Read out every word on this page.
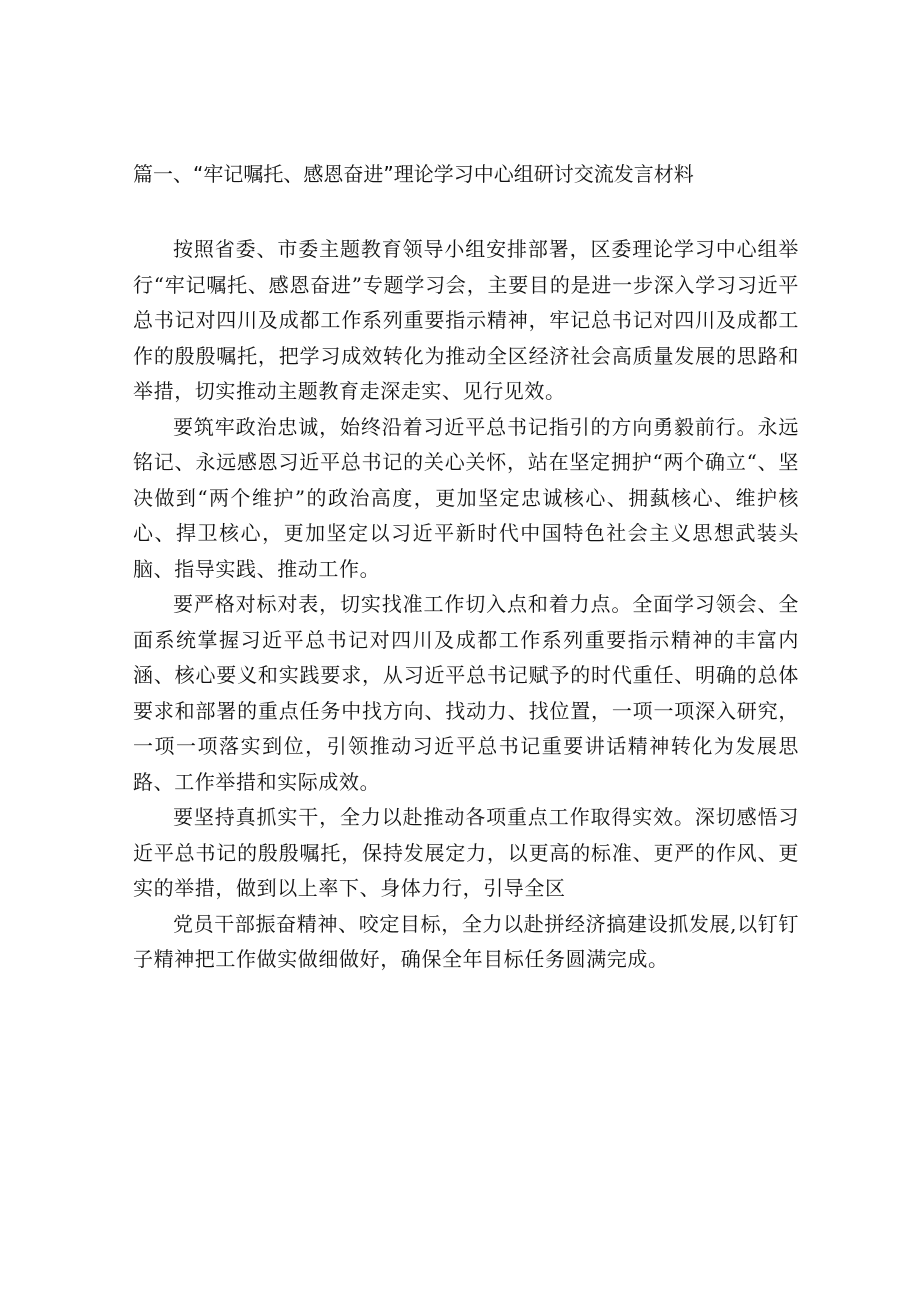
篇一、“牢记嘱托、感恩奋进”理论学习中心组研讨交流发言材料

按照省委、市委主题教育领导小组安排部署，区委理论学习中心组举行“牢记嘱托、感恩奋进”专题学习会，主要目的是进一步深入学习习近平总书记对四川及成都工作系列重要指示精神，牢记总书记对四川及成都工作的殷殷嘱托，把学习成效转化为推动全区经济社会高质量发展的思路和举措，切实推动主题教育走深走实、见行见效。

要筑牢政治忠诚，始终沿着习近平总书记指引的方向勇毅前行。永远铭记、永远感恩习近平总书记的关心关怀，站在坚定拥护“两个确立“、坚决做到“两个维护”的政治高度，更加坚定忠诚核心、拥蓺核心、维护核心、捍卫核心，更加坚定以习近平新时代中国特色社会主义思想武装头脑、指导实践、推动工作。

要严格对标对表，切实找准工作切入点和着力点。全面学习领会、全面系统掌握习近平总书记对四川及成都工作系列重要指示精神的丰富内涵、核心要义和实践要求，从习近平总书记赋予的时代重任、明确的总体要求和部署的重点任务中找方向、找动力、找位置，一项一项深入研究，一项一项落实到位，引领推动习近平总书记重要讲话精神转化为发展思路、工作举措和实际成效。

要坚持真抓实干，全力以赴推动各项重点工作取得实效。深切感悟习近平总书记的殷殷嘱托，保持发展定力，以更高的标准、更严的作风、更实的举措，做到以上率下、身体力行，引导全区

党员干部振奋精神、咬定目标，全力以赴拼经济搞建设抓发展,以钉钉子精神把工作做实做细做好，确保全年目标任务圆满完成。
